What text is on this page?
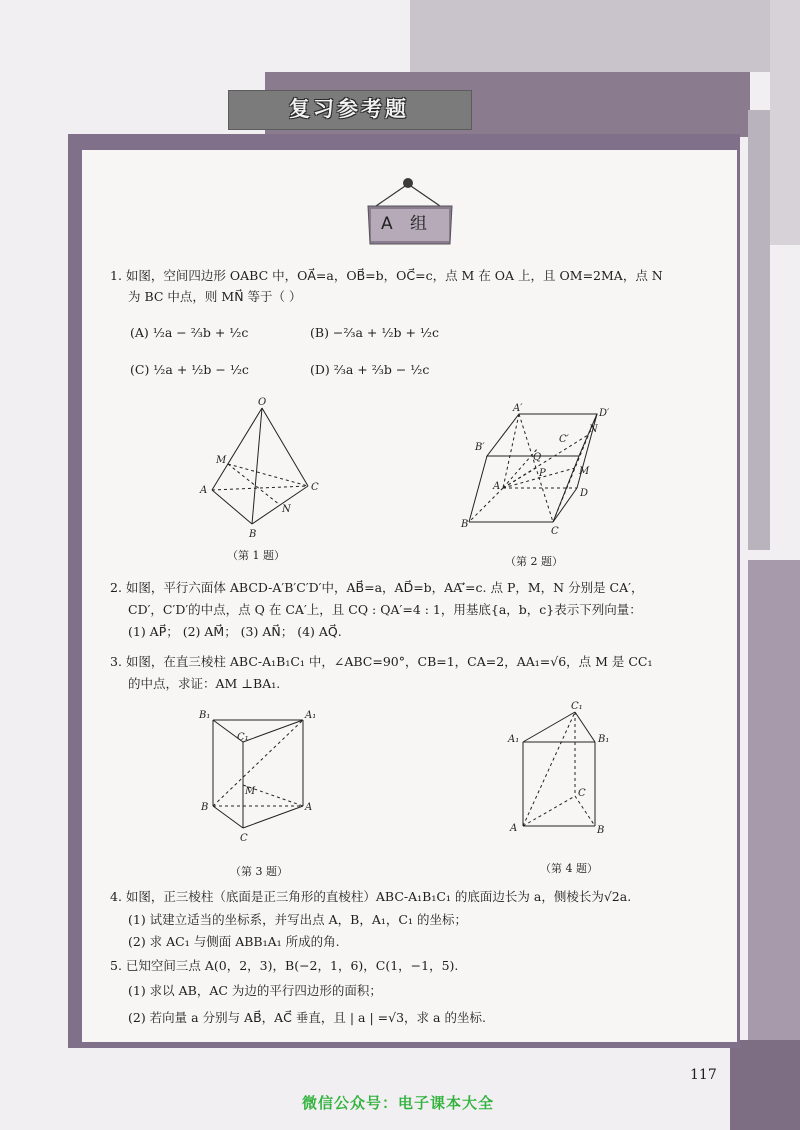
复习参考题
A 组
1. 如图，空间四边形 OABC 中，OA⃗=a，OB⃗=b，OC⃗=c，点 M 在 OA 上，且 OM=2MA，点 N
为 BC 中点，则 MN⃗ 等于（ ）
(A) ½a − ⅔b + ½c	(B) −⅔a + ½b + ½c
(C) ½a + ½b − ½c	(D) ⅔a + ⅔b − ½c
O
M
A
B
C
N
A′	D′
B′
C′
N
Q
P	M
A
D
B
C
（第 1 题）	（第 2 题）
2. 如图，平行六面体 ABCD-A′B′C′D′中，AB⃗=a，AD⃗=b，AA′⃗=c. 点 P，M，N 分别是 CA′，
CD′，C′D′的中点，点 Q 在 CA′上，且 CQ : QA′=4 : 1，用基底{a，b，c}表示下列向量：
(1) AP⃗； (2) AM⃗； (3) AN⃗； (4) AQ⃗.
3. 如图，在直三棱柱 ABC-A₁B₁C₁ 中，∠ABC=90°，CB=1，CA=2，AA₁=√6，点 M 是 CC₁
的中点，求证：AM ⊥BA₁.
B₁	A₁
C₁
M
B	A
C
C₁
A₁	B₁
C
A	B
（第 3 题）	（第 4 题）
4. 如图，正三棱柱（底面是正三角形的直棱柱）ABC-A₁B₁C₁ 的底面边长为 a，侧棱长为√2a.
(1) 试建立适当的坐标系，并写出点 A，B，A₁，C₁ 的坐标；
(2) 求 AC₁ 与侧面 ABB₁A₁ 所成的角.
5. 已知空间三点 A(0，2，3)，B(−2，1，6)，C(1，−1，5).
(1) 求以 AB，AC 为边的平行四边形的面积；
(2) 若向量 a 分别与 AB⃗，AC⃗ 垂直，且 | a | =√3，求 a 的坐标.
117
微信公众号：电子课本大全
